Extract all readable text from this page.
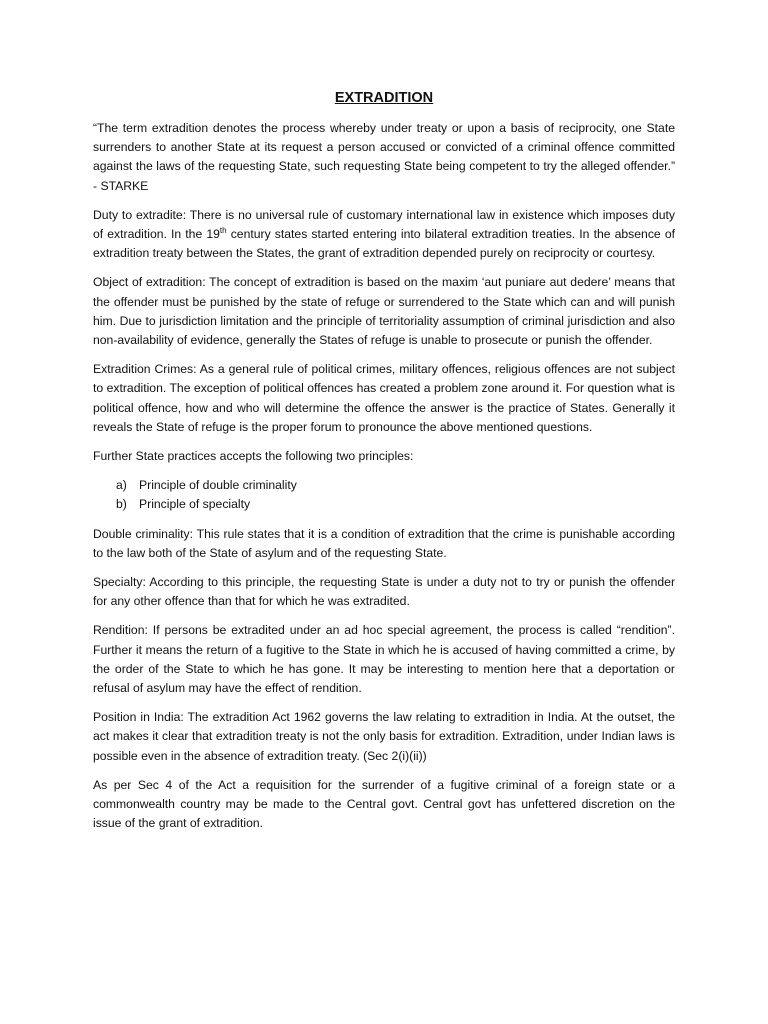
EXTRADITION

“The term extradition denotes the process whereby under treaty or upon a basis of reciprocity, one State surrenders to another State at its request a person accused or convicted of a criminal offence committed against the laws of the requesting State, such requesting State being competent to try the alleged offender.” - STARKE

Duty to extradite: There is no universal rule of customary international law in existence which imposes duty of extradition. In the 19th century states started entering into bilateral extradition treaties. In the absence of extradition treaty between the States, the grant of extradition depended purely on reciprocity or courtesy.

Object of extradition: The concept of extradition is based on the maxim ‘aut puniare aut dedere’ means that the offender must be punished by the state of refuge or surrendered to the State which can and will punish him. Due to jurisdiction limitation and the principle of territoriality assumption of criminal jurisdiction and also non-availability of evidence, generally the States of refuge is unable to prosecute or punish the offender.

Extradition Crimes: As a general rule of political crimes, military offences, religious offences are not subject to extradition. The exception of political offences has created a problem zone around it. For question what is political offence, how and who will determine the offence the answer is the practice of States. Generally it reveals the State of refuge is the proper forum to pronounce the above mentioned questions.

Further State practices accepts the following two principles:

a) Principle of double criminality
b) Principle of specialty

Double criminality: This rule states that it is a condition of extradition that the crime is punishable according to the law both of the State of asylum and of the requesting State.

Specialty: According to this principle, the requesting State is under a duty not to try or punish the offender for any other offence than that for which he was extradited.

Rendition: If persons be extradited under an ad hoc special agreement, the process is called “rendition”. Further it means the return of a fugitive to the State in which he is accused of having committed a crime, by the order of the State to which he has gone. It may be interesting to mention here that a deportation or refusal of asylum may have the effect of rendition.

Position in India: The extradition Act 1962 governs the law relating to extradition in India. At the outset, the act makes it clear that extradition treaty is not the only basis for extradition. Extradition, under Indian laws is possible even in the absence of extradition treaty. (Sec 2(i)(ii))

As per Sec 4 of the Act a requisition for the surrender of a fugitive criminal of a foreign state or a commonwealth country may be made to the Central govt. Central govt has unfettered discretion on the issue of the grant of extradition.
